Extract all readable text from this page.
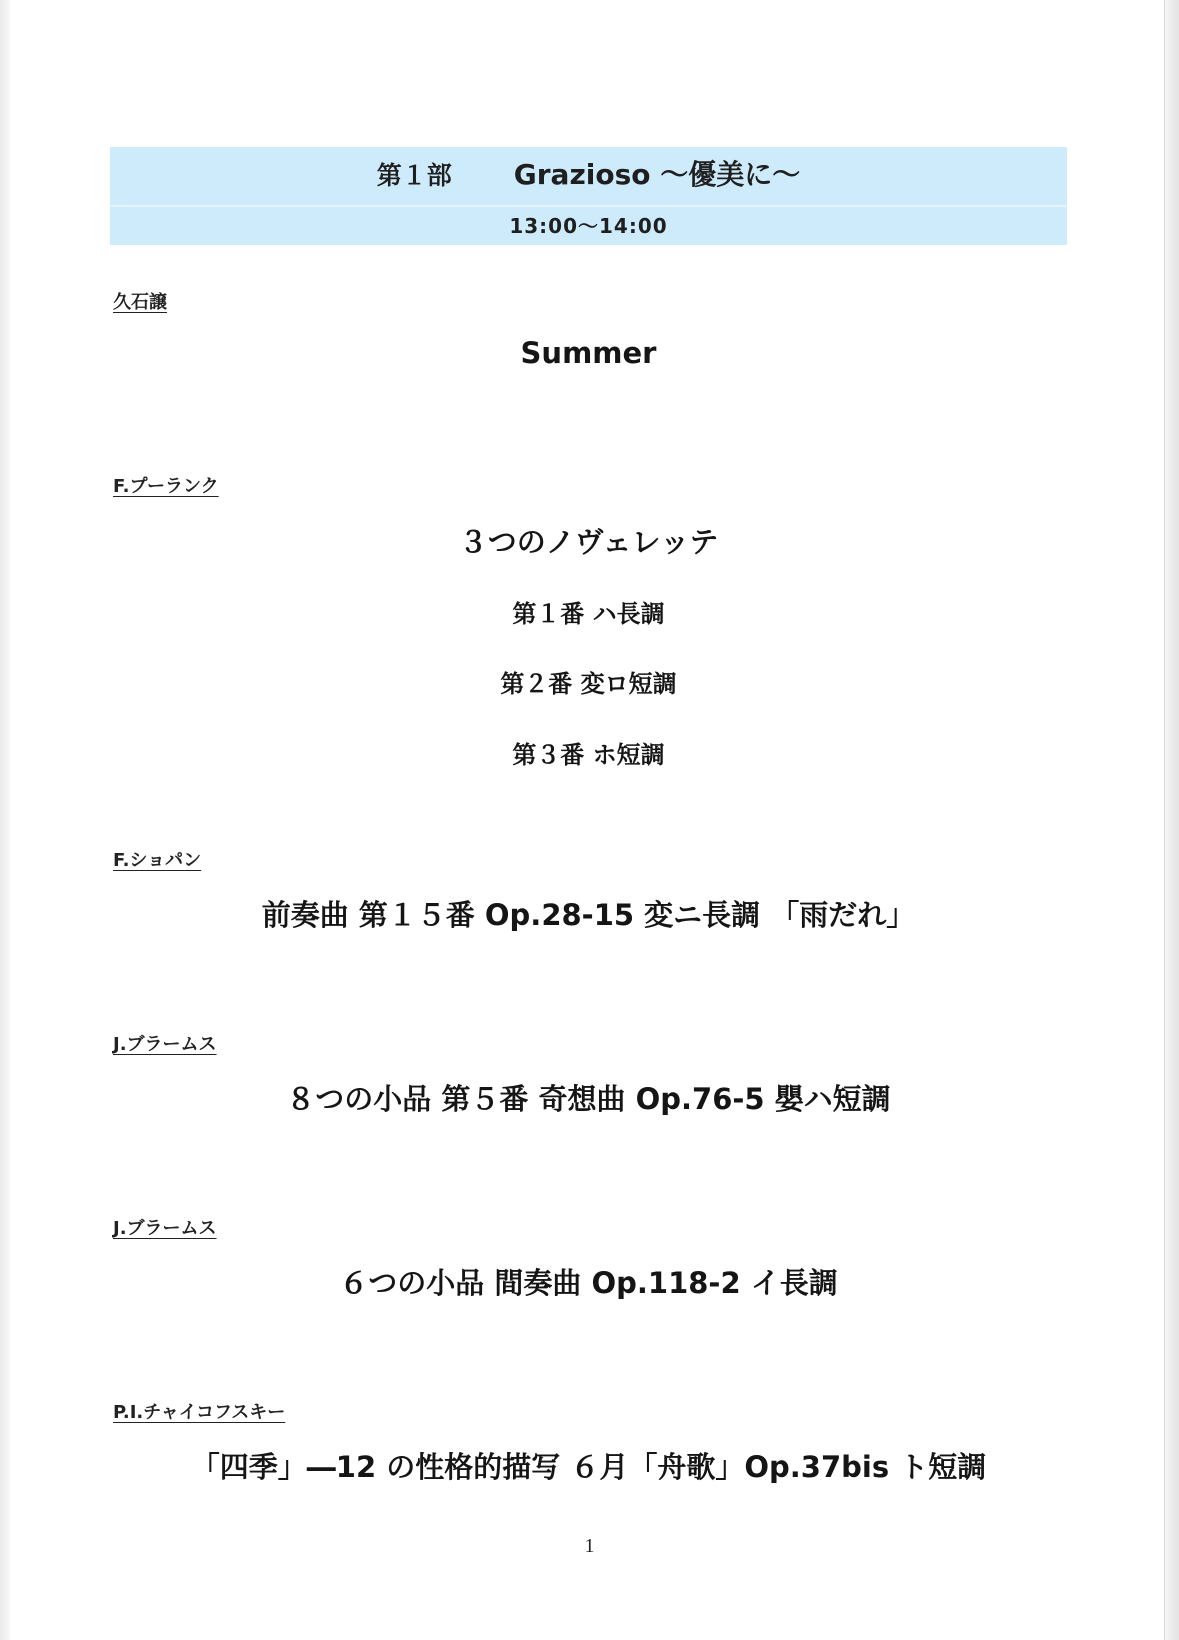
第１部 Grazioso ～優美に～
13:00～14:00
久石譲
Summer
F.プーランク
３つのノヴェレッテ
第１番 ハ長調
第２番 変ロ短調
第３番 ホ短調
F.ショパン
前奏曲 第１５番 Op.28-15 変ニ長調 「雨だれ」
J.ブラームス
８つの小品 第５番 奇想曲 Op.76-5 嬰ハ短調
J.ブラームス
６つの小品 間奏曲 Op.118-2 イ長調
P.I.チャイコフスキー
「四季」―12 の性格的描写 ６月「舟歌」Op.37bis ト短調
1
